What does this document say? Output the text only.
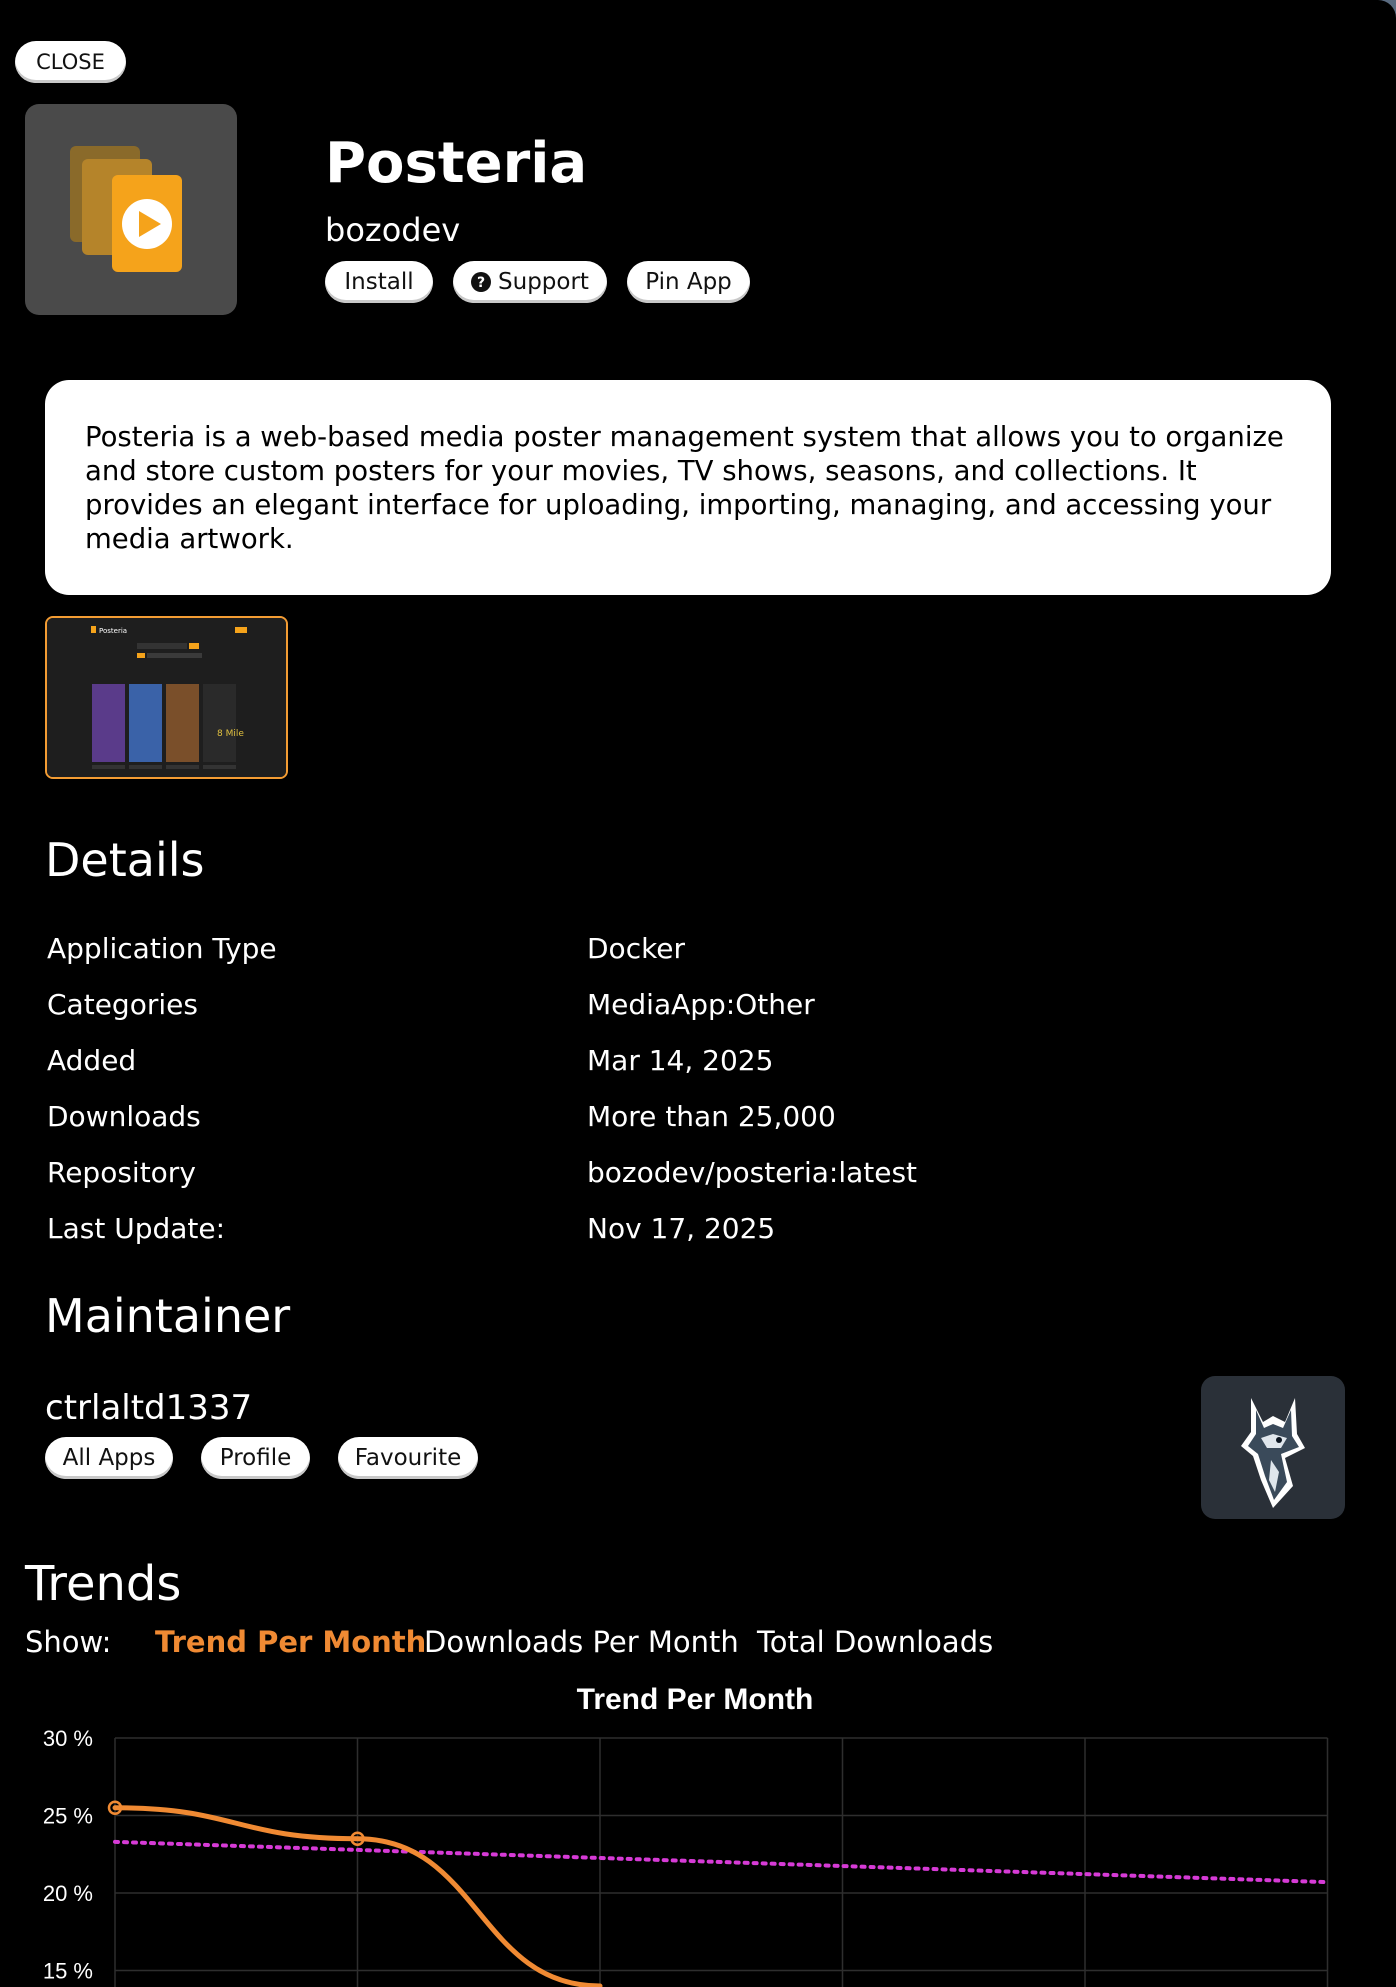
CLOSE
Posteria
bozodev
Install	? Support Pin App
Posteria is a web-based media poster management system that allows you to organize and store custom posters for your movies, TV shows, seasons, and collections. It provides an elegant interface for uploading, importing, managing, and accessing your media artwork.
Posteria
8 Mile
Details
Application Type	Docker
Categories	MediaApp:Other
Added	Mar 14, 2025
Downloads	More than 25,000
Repository	bozodev/posteria:latest
Last Update:	Nov 17, 2025
Maintainer
ctrlaltd1337
All Apps	Profile	Favourite
Trends
Show: Trend Per Month
Downloads Per Month Total Downloads
Trend Per Month
30 %
25 %
20 %
15 %
